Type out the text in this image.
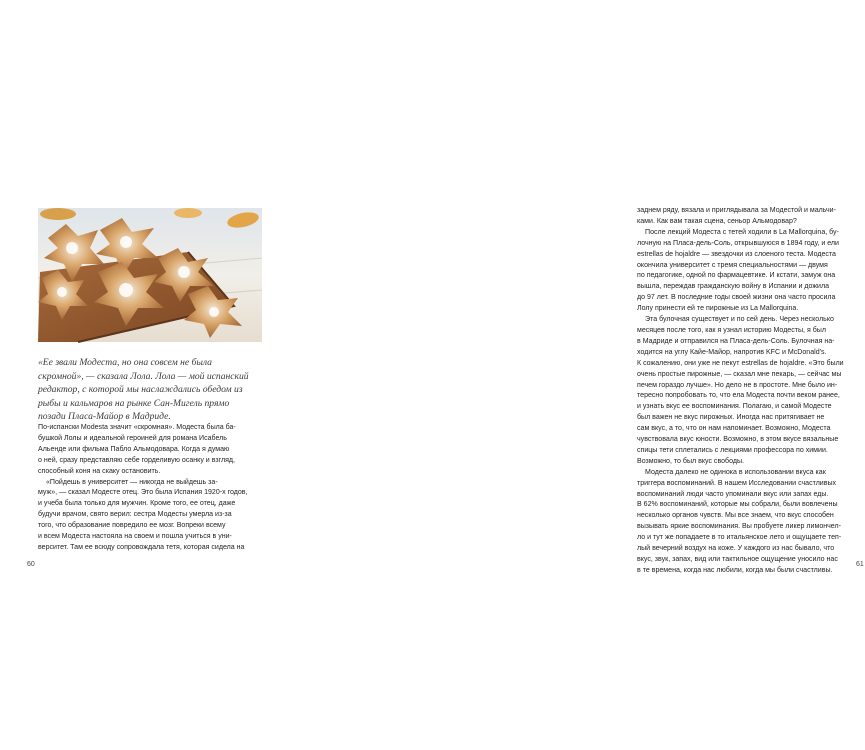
«Ее звали Модеста, но она совсем не была
скромной», — сказала Лола. Лола — мой испанский
редактор, с которой мы наслаждались обедом из
рыбы и кальмаров на рынке Сан-Мигель прямо
позади Пласа-Майор в Мадриде.
По-испански Modesta значит «скромная». Модеста была ба-
бушкой Лолы и идеальной героиней для романа Исабель
Альенде или фильма Пабло Альмодовара. Когда я думаю
о ней, сразу представляю себе горделивую осанку и взгляд,
способный коня на скаку остановить.
«Пойдешь в университет — никогда не выйдешь за-
муж», — сказал Модесте отец. Это была Испания 1920-х годов,
и учеба была только для мужчин. Кроме того, ее отец, даже
будучи врачом, свято верил: сестра Модесты умерла из-за
того, что образование повредило ее мозг. Вопреки всему
и всем Модеста настояла на своем и пошла учиться в уни-
верситет. Там ее всюду сопровождала тетя, которая сидела на
60
заднем ряду, вязала и приглядывала за Модестой и мальчи-
ками. Как вам такая сцена, сеньор Альмодовар?
После лекций Модеста с тетей ходили в La Mallorquina, бу-
лочную на Пласа-дель-Соль, открывшуюся в 1894 году, и ели
estrellas de hojaldre — звездочки из слоеного теста. Модеста
окончила университет с тремя специальностями — двумя
по педагогике, одной по фармацевтике. И кстати, замуж она
вышла, переждав гражданскую войну в Испании и дожила
до 97 лет. В последние годы своей жизни она часто просила
Лолу принести ей те пирожные из La Mallorquina.
Эта булочная существует и по сей день. Через несколько
месяцев после того, как я узнал историю Модесты, я был
в Мадриде и отправился на Пласа-дель-Соль. Булочная на-
ходится на углу Кайе-Майор, напротив KFC и McDonald's.
К сожалению, они уже не пекут estrellas de hojaldre. «Это были
очень простые пирожные, — сказал мне пекарь, — сейчас мы
печем гораздо лучше». Но дело не в простоте. Мне было ин-
тересно попробовать то, что ела Модеста почти веком ранее,
и узнать вкус ее воспоминания. Полагаю, и самой Модесте
был важен не вкус пирожных. Иногда нас притягивает не
сам вкус, а то, что он нам напоминает. Возможно, Модеста
чувствовала вкус юности. Возможно, в этом вкусе вязальные
спицы тети сплетались с лекциями профессора по химии.
Возможно, то был вкус свободы.
Модеста далеко не одинока в использовании вкуса как
триггера воспоминаний. В нашем Исследовании счастливых
воспоминаний люди часто упоминали вкус или запах еды.
В 62% воспоминаний, которые мы собрали, были вовлечены
несколько органов чувств. Мы все знаем, что вкус способен
вызывать яркие воспоминания. Вы пробуете ликер лимончел-
ло и тут же попадаете в то итальянское лето и ощущаете теп-
лый вечерний воздух на коже. У каждого из нас бывало, что
вкус, звук, запах, вид или тактильное ощущение уносило нас
в те времена, когда нас любили, когда мы были счастливы.
61
